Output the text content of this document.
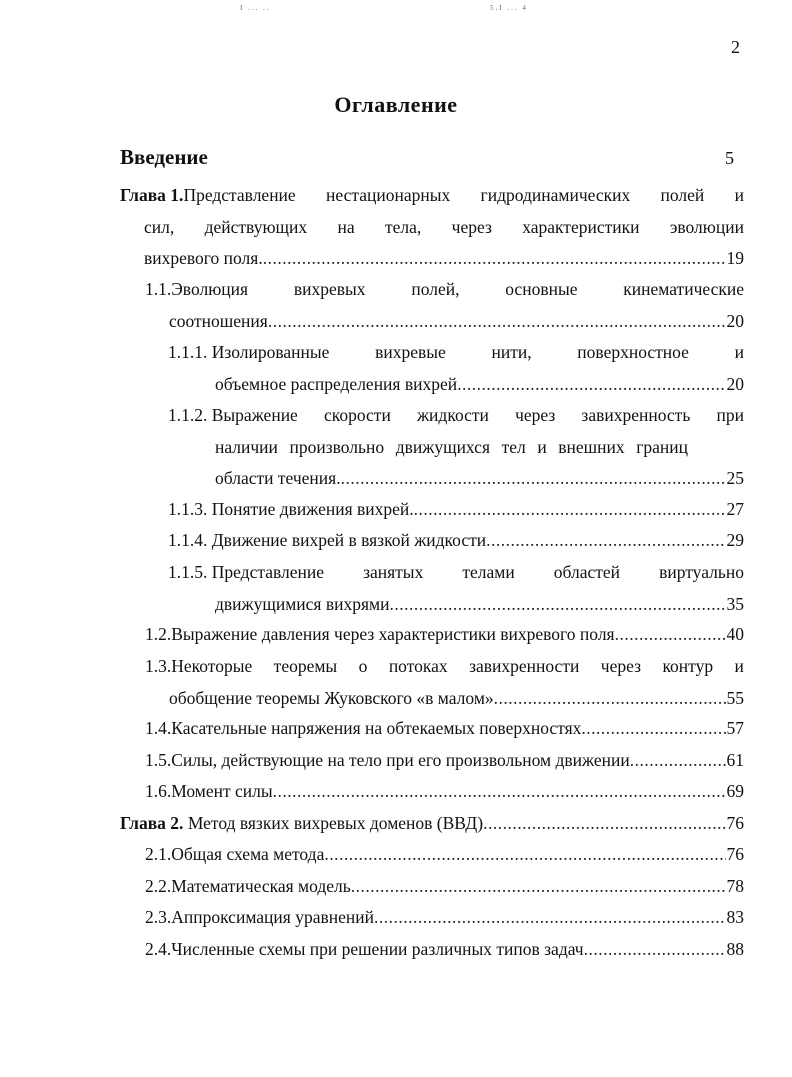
I ... ..	5.I ... 4
2
Оглавление
Введение	5
Глава 1.Представление нестационарных гидродинамических полей и
сил, действующих на тела, через характеристики эволюции
вихревого поля. .....	19
1.1.Эволюция	вихревых	полей,	основные	кинематические
соотношения .....	20
1.1.1. Изолированные	вихревые	нити,	поверхностное	и
объемное распределения вихрей .....	20
1.1.2. Выражение скорости жидкости через завихренность при
наличии произвольно движущихся тел и внешних границ
области течения. .....	25
1.1.3.
Понятие движения вихрей. .....	27
1.1.4.
Движение вихрей в вязкой жидкости .....	29
1.1.5. Представление занятых телами областей виртуально
движущимися вихрями .....	35
1.2. Выражение давления через характеристики вихревого поля .....	40
1.3.Некоторые теоремы о потоках завихренности через контур и
обобщение теоремы Жуковского «в малом» .....	55
1.4. Касательные напряжения на обтекаемых поверхностях .....	57
1.5. Силы, действующие на тело при его произвольном движении .....	61
1.6. Момент силы .....	69
Глава 2.
Метод вязких вихревых доменов (ВВД) .....	76
2.1. Общая схема метода .....	76
2.2. Математическая модель .....	78
2.3. Аппроксимация уравнений .....	83
2.4. Численные схемы при решении различных типов задач .....	88
